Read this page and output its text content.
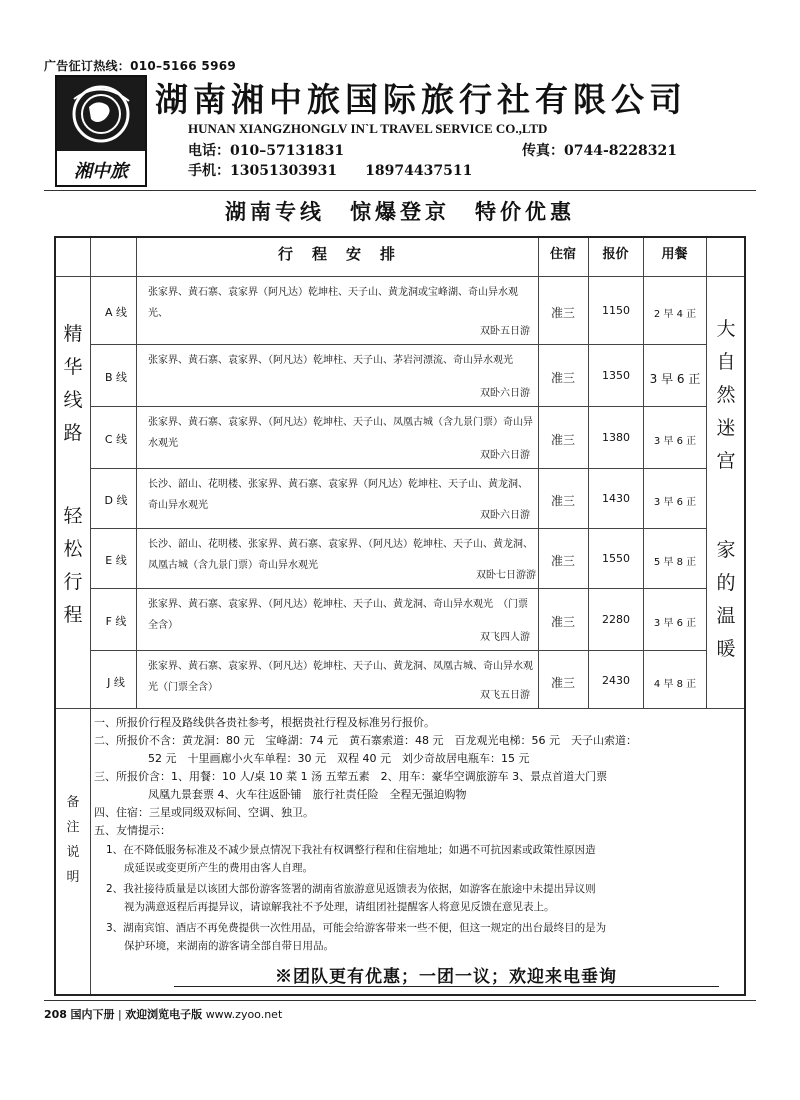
广告征订热线：010–5166 5969
湘中旅
湖南湘中旅国际旅行社有限公司
HUNAN XIANGZHONGLV IN`L TRAVEL SERVICE CO.,LTD
电话：010–57131831	传真：0744-8228321
手机：13051303931 18974437511
湖南专线　惊爆登京　特价优惠
行　程　安　排	住宿	报价	用餐
精
华
线
路
轻
松
行
程
大
自
然
迷
宫
家
的
温
暖
A 线
张家界、黄石寨、袁家界（阿凡达）乾坤柱、天子山、黄龙洞或宝峰湖、奇山异水观光、
双卧五日游
准三	1150	2 早 4 正
B 线
张家界、黄石寨、袁家界、（阿凡达）乾坤柱、天子山、茅岩河漂流、奇山异水观光
双卧六日游
准三	1350	3 早 6 正
C 线
张家界、黄石寨、袁家界、（阿凡达）乾坤柱、天子山、凤凰古城（含九景门票）奇山异水观光
双卧六日游
准三	1380	3 早 6 正
D 线
长沙、韶山、花明楼、张家界、黄石寨、袁家界（阿凡达）乾坤柱、天子山、黄龙洞、奇山异水观光
双卧六日游
准三	1430	3 早 6 正
E 线
长沙、韶山、花明楼、张家界、黄石寨、袁家界、（阿凡达）乾坤柱、天子山、黄龙洞、凤凰古城（含九景门票）奇山异水观光
双卧七日游游
准三	1550	5 早 8 正
F 线
张家界、黄石寨、袁家界、（阿凡达）乾坤柱、天子山、黄龙洞、奇山异水观光　（门票全含）
双飞四人游
准三	2280	3 早 6 正
J 线
张家界、黄石寨、袁家界、（阿凡达）乾坤柱、天子山、黄龙洞、凤凰古城、奇山异水观光（门票全含）
双飞五日游
准三	2430	4 早 8 正
备
注
说
明
一、所报价行程及路线供各贵社参考，根据贵社行程及标准另行报价。
二、所报价不含：黄龙洞：80 元　宝峰湖：74 元　黄石寨索道：48 元　百龙观光电梯：56 元　天子山索道：
52 元　十里画廊小火车单程：30 元　双程 40 元　刘少奇故居电瓶车：15 元
三、所报价含：1、用餐：10 人/桌 10 菜 1 汤 五荤五素　2、用车：豪华空调旅游车 3、景点首道大门票
凤凰九景套票 4、火车往返卧铺　旅行社责任险　全程无强迫购物
四、住宿：三星或同级双标间、空调、独卫。
五、友情提示：
1、在不降低服务标准及不减少景点情况下我社有权调整行程和住宿地址；如遇不可抗因素或政策性原因造
成延误或变更所产生的费用由客人自理。
2、我社接待质量是以该团大部份游客签署的湖南省旅游意见返馈表为依据，如游客在旅途中未提出异议则
视为满意返程后再提异议，请谅解我社不予处理，请组团社提醒客人将意见反馈在意见表上。
3、湖南宾馆、酒店不再免费提供一次性用品，可能会给游客带来一些不便，但这一规定的出台最终目的是为
保护环境，来湖南的游客请全部自带日用品。
※团队更有优惠；一团一议；欢迎来电垂询
208 国内下册 | 欢迎浏览电子版 www.zyoo.net
